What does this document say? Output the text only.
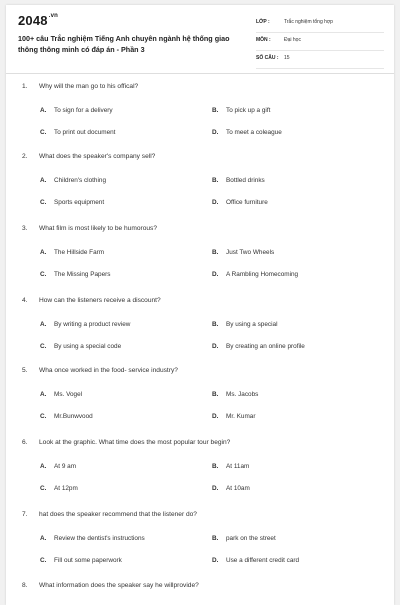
$2048^{.vn}$
100+ câu Trắc nghiệm Tiếng Anh chuyên ngành hệ thống giao thông thông minh có đáp án - Phần 3
LỚP :	Trắc nghiệm tổng hợp
MÔN :	Đại học
SỐ CÂU : 15
1. Why will the man go to his offical?
A. To sign for a delivery	B. To pick up a gift
C. To print out document	D. To meet a coleague
2. What does the speaker's company sell?
A. Children's clothing	B. Bottled drinks
C. Sports equipment	D. Office furniture
3. What film is most likely to be humorous?
A. The Hillside Farm	B. Just Two Wheels
C. The Missing Papers	D. A Rambling Homecoming
4. How can the listeners receive a discount?
A. By writing a product review	B. By using a special
C. By using a special code	D. By creating an online profile
5. Wha once worked in the food- service industry?
A. Ms. Vogel	B. Ms. Jacobs
C. Mr.Bunwvood	D. Mr. Kumar
6. Look at the graphic. What time does the most popular tour begin?
A. At 9 am	B. At 11am
C. At 12pm	D. At 10am
7. hat does the speaker recommend that the listener do?
A. Review the dentist's instructions	B. park on the street
C. Fill out some paperwork	D. Use a different credit card
8. What information does the speaker say he willprovide?
